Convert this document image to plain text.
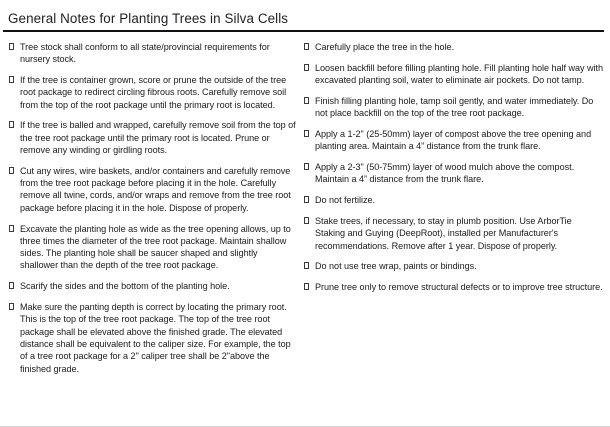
General Notes for Planting Trees in Silva Cells
Tree stock shall conform to all state/provincial requirements for nursery stock.
If the tree is container grown, score or prune the outside of the tree root package to redirect circling fibrous roots. Carefully remove soil from the top of the root package until the primary root is located.
If the tree is balled and wrapped, carefully remove soil from the top of the tree root package until the primary root is located. Prune or remove any winding or girdling roots.
Cut any wires, wire baskets, and/or containers and carefully remove from the tree root package before placing it in the hole. Carefully remove all twine, cords, and/or wraps and remove from the tree root package before placing it in the hole. Dispose of properly.
Excavate the planting hole as wide as the tree opening allows, up to three times the diameter of the tree root package. Maintain shallow sides. The planting hole shall be saucer shaped and slightly shallower than the depth of the tree root package.
Scarify the sides and the bottom of the planting hole.
Make sure the panting depth is correct by locating the primary root. This is the top of the tree root package. The top of the tree root package shall be elevated above the finished grade. The elevated distance shall be equivalent to the caliper size. For example, the top of a tree root package for a 2" caliper tree shall be 2"above the finished grade.
Carefully place the tree in the hole.
Loosen backfill before filling planting hole. Fill planting hole half way with excavated planting soil, water to eliminate air pockets. Do not tamp.
Finish filling planting hole, tamp soil gently, and water immediately. Do not place backfill on the top of the tree root package.
Apply a 1-2" (25-50mm) layer of compost above the tree opening and planting area. Maintain a 4” distance from the trunk flare.
Apply a 2-3" (50-75mm) layer of wood mulch above the compost. Maintain a 4” distance from the trunk flare.
Do not fertilize.
Stake trees, if necessary, to stay in plumb position. Use ArborTie Staking and Guying (DeepRoot), installed per Manufacturer's recommendations. Remove after 1 year. Dispose of properly.
Do not use tree wrap, paints or bindings.
Prune tree only to remove structural defects or to improve tree structure.
